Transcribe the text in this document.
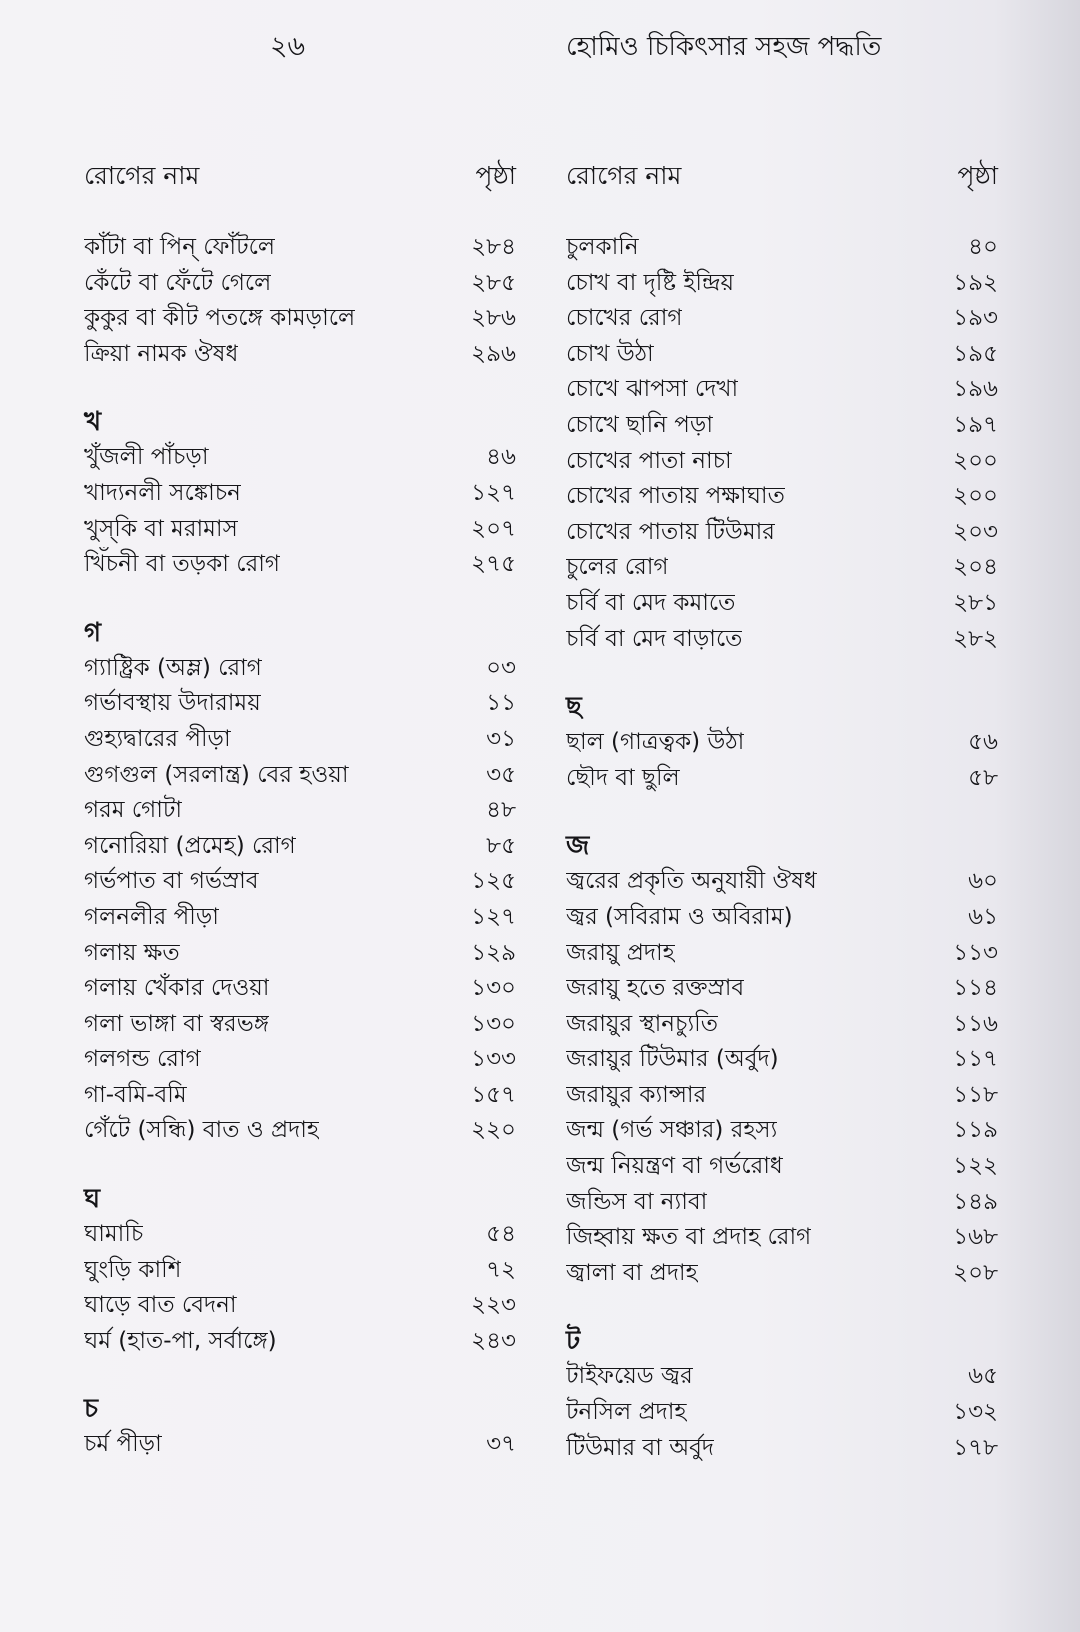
২৬	হোমিও চিকিৎসার সহজ পদ্ধতি
রোগের নাম	পৃষ্ঠা
কাঁটা বা পিন্ ফোঁটলে	২৮৪
কেঁটে বা ফেঁটে গেলে	২৮৫
কুকুর বা কীট পতঙ্গে কামড়ালে	২৮৬
ক্রিয়া নামক ঔষধ	২৯৬
খ
খুঁজলী পাঁচড়া	৪৬
খাদ্যনলী সঙ্কোচন	১২৭
খুস্‌কি বা মরামাস	২০৭
খিঁচনী বা তড়কা রোগ	২৭৫
গ
গ্যাষ্ট্রিক (অম্ল) রোগ	০৩
গর্ভাবস্থায় উদারাময়	১১
গুহ্যদ্বারের পীড়া	৩১
গুগগুল (সরলান্ত্র) বের হওয়া	৩৫
গরম গোটা	৪৮
গনোরিয়া (প্রমেহ) রোগ	৮৫
গর্ভপাত বা গর্ভস্রাব	১২৫
গলনলীর পীড়া	১২৭
গলায় ক্ষত	১২৯
গলায় খেঁকার দেওয়া	১৩০
গলা ভাঙ্গা বা স্বরভঙ্গ	১৩০
গলগন্ড রোগ	১৩৩
গা-বমি-বমি	১৫৭
গেঁটে (সন্ধি) বাত ও প্রদাহ	২২০
ঘ
ঘামাচি	৫৪
ঘুংড়ি কাশি	৭২
ঘাড়ে বাত বেদনা	২২৩
ঘর্ম (হাত-পা, সর্বাঙ্গে)	২৪৩
চ
চর্ম পীড়া	৩৭
রোগের নাম	পৃষ্ঠা
চুলকানি	৪০
চোখ বা দৃষ্টি ইন্দ্রিয়	১৯২
চোখের রোগ	১৯৩
চোখ উঠা	১৯৫
চোখে ঝাপসা দেখা	১৯৬
চোখে ছানি পড়া	১৯৭
চোখের পাতা নাচা	২০০
চোখের পাতায় পক্ষাঘাত	২০০
চোখের পাতায় টিউমার	২০৩
চুলের রোগ	২০৪
চর্বি বা মেদ কমাতে	২৮১
চর্বি বা মেদ বাড়াতে	২৮২
ছ
ছাল (গাত্রত্বক) উঠা	৫৬
ছৌদ বা ছুলি	৫৮
জ
জ্বরের প্রকৃতি অনুযায়ী ঔষধ	৬০
জ্বর (সবিরাম ও অবিরাম)	৬১
জরায়ু প্রদাহ	১১৩
জরায়ু হতে রক্তস্রাব	১১৪
জরায়ুর স্থানচ্যুতি	১১৬
জরায়ুর টিউমার (অর্বুদ)	১১৭
জরায়ুর ক্যান্সার	১১৮
জন্ম (গর্ভ সঞ্চার) রহস্য	১১৯
জন্ম নিয়ন্ত্রণ বা গর্ভরোধ	১২২
জন্ডিস বা ন্যাবা	১৪৯
জিহ্বায় ক্ষত বা প্রদাহ রোগ	১৬৮
জ্বালা বা প্রদাহ	২০৮
ট
টাইফয়েড জ্বর	৬৫
টনসিল প্রদাহ	১৩২
টিউমার বা অর্বুদ	১৭৮
